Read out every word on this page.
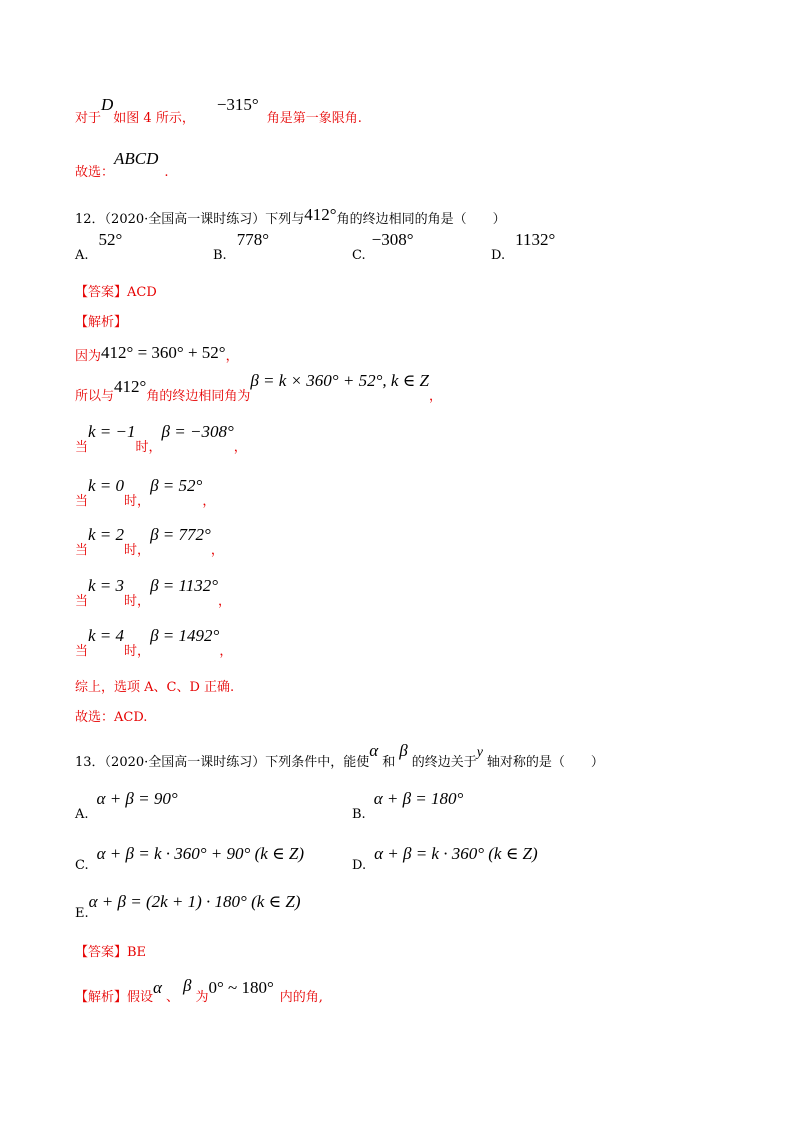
对于D如图 4 所示，−315°角是第一象限角.
故选：ABCD.
12．（2020·全国高一课时练习）下列与412°角的终边相同的角是（　　）
A.52°
B.778°
C.−308°
D.1132°
【答案】ACD
【解析】
因为412° = 360° + 52°，
所以与412°角的终边相同角为β = k × 360° + 52°, k ∈ Z，
当k = −1时，β = −308°，
当k = 0时，β = 52°，
当k = 2时，β = 772°，
当k = 3时，β = 1132°，
当k = 4时，β = 1492°，
综上，选项 A、C、D 正确.
故选：ACD.
13．（2020·全国高一课时练习）下列条件中，能使α和β的终边关于y轴对称的是（　　）
A.α + β = 90°
B.α + β = 180°
C.α + β = k · 360° + 90° (k ∈ Z)
D.α + β = k · 360° (k ∈ Z)
E.α + β = (2k + 1) · 180° (k ∈ Z)
【答案】BE
【解析】假设α、β为0° ~ 180°内的角,
